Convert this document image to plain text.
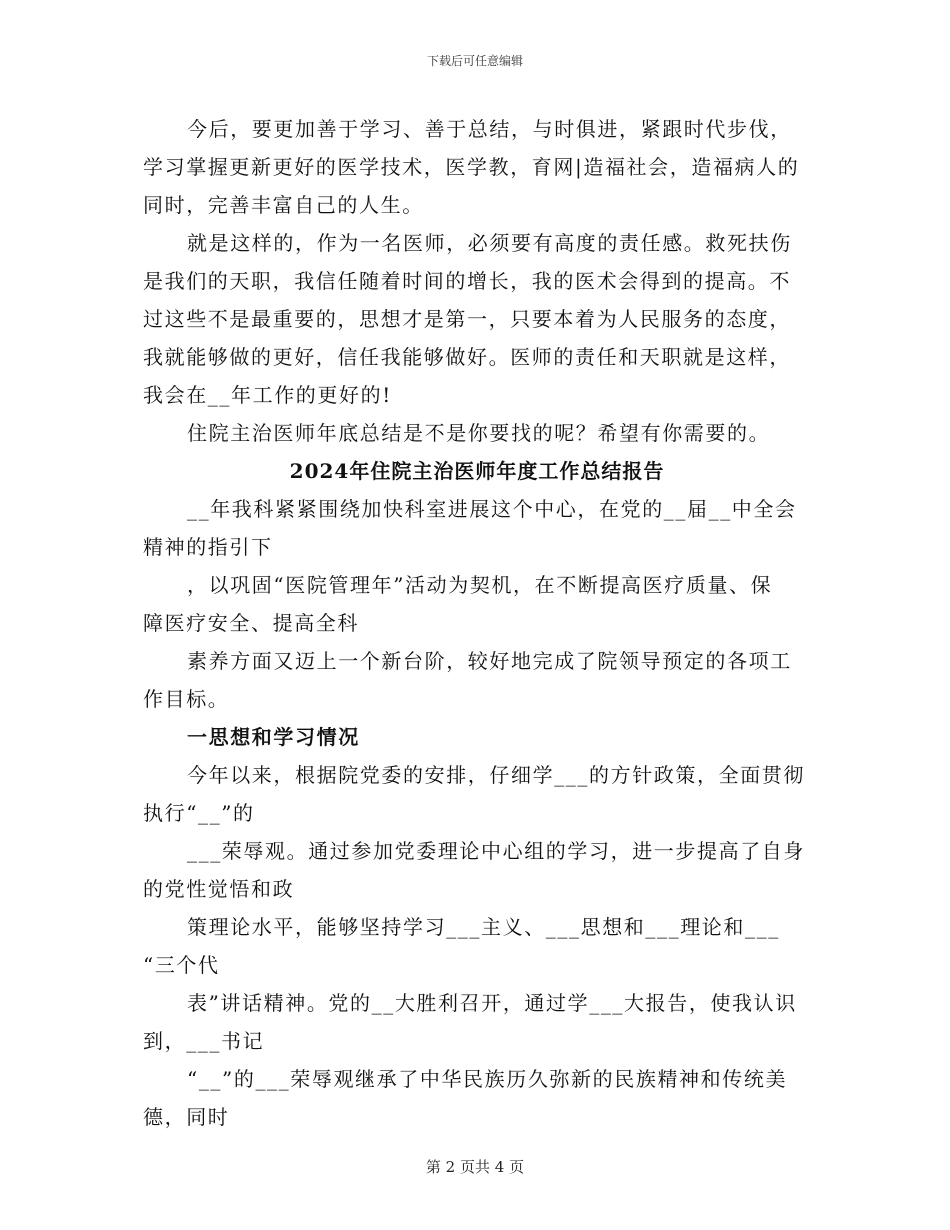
下载后可任意编辑
今后，要更加善于学习、善于总结，与时俱进，紧跟时代步伐，
学习掌握更新更好的医学技术，医学教，育网|造福社会，造福病人的
同时，完善丰富自己的人生。
就是这样的，作为一名医师，必须要有高度的责任感。救死扶伤
是我们的天职，我信任随着时间的增长，我的医术会得到的提高。不
过这些不是最重要的，思想才是第一，只要本着为人民服务的态度，
我就能够做的更好，信任我能够做好。医师的责任和天职就是这样，
我会在__年工作的更好的!
住院主治医师年底总结是不是你要找的呢？希望有你需要的。
2024年住院主治医师年度工作总结报告
__年我科紧紧围绕加快科室进展这个中心，在党的__届__中全会
精神的指引下
，以巩固“医院管理年”活动为契机，在不断提高医疗质量、保
障医疗安全、提高全科
素养方面又迈上一个新台阶，较好地完成了院领导预定的各项工
作目标。
一思想和学习情况
今年以来，根据院党委的安排，仔细学___的方针政策，全面贯彻
执行“__”的
___荣辱观。通过参加党委理论中心组的学习，进一步提高了自身
的党性觉悟和政
策理论水平，能够坚持学习___主义、___思想和___理论和___
“三个代
表”讲话精神。党的__大胜利召开，通过学___大报告，使我认识
到，___书记
“__”的___荣辱观继承了中华民族历久弥新的民族精神和传统美
德，同时
第 2 页共 4 页
